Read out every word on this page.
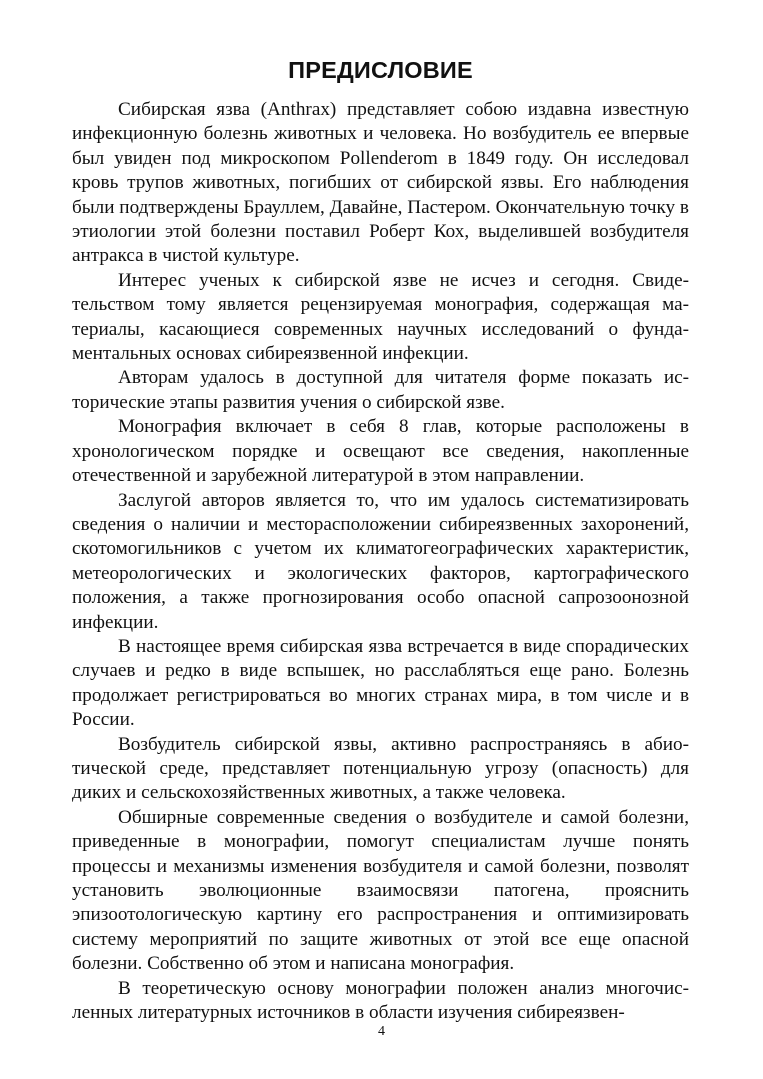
ПРЕДИСЛОВИЕ

Сибирская язва (Anthrax) представляет собою издавна известную инфекционную болезнь животных и человека. Но возбудитель ее впервые был увиден под микроскопом Pollenderom в 1849 году. Он исследовал кровь трупов животных, погибших от сибирской язвы. Его наблюдения были подтверждены Брауллем, Давайне, Пастером. Окончательную точку в этиологии этой болезни поставил Роберт Кох, выделившей возбудителя антракса в чистой культуре.

Интерес ученых к сибирской язве не исчез и сегодня. Свидетельством тому является рецензируемая монография, содержащая материалы, касающиеся современных научных исследований о фундаментальных основах сибиреязвенной инфекции.

Авторам удалось в доступной для читателя форме показать исторические этапы развития учения о сибирской язве.

Монография включает в себя 8 глав, которые расположены в хронологическом порядке и освещают все сведения, накопленные отечественной и зарубежной литературой в этом направлении.

Заслугой авторов является то, что им удалось систематизировать сведения о наличии и месторасположении сибиреязвенных захоронений, скотомогильников с учетом их климатогеографических характеристик, метеорологических и экологических факторов, картографического положения, а также прогнозирования особо опасной сапрозоонозной инфекции.

В настоящее время сибирская язва встречается в виде спорадических случаев и редко в виде вспышек, но расслабляться еще рано. Болезнь продолжает регистрироваться во многих странах мира, в том числе и в России.

Возбудитель сибирской язвы, активно распространяясь в абиотической среде, представляет потенциальную угрозу (опасность) для диких и сельскохозяйственных животных, а также человека.

Обширные современные сведения о возбудителе и самой болезни, приведенные в монографии, помогут специалистам лучше понять процессы и механизмы изменения возбудителя и самой болезни, позволят установить эволюционные взаимосвязи патогена, прояснить эпизоотологическую картину его распространения и оптимизировать систему мероприятий по защите животных от этой все еще опасной болезни. Собственно об этом и написана монография.

В теоретическую основу монографии положен анализ многочисленных литературных источников в области изучения сибиреязвен-

4
